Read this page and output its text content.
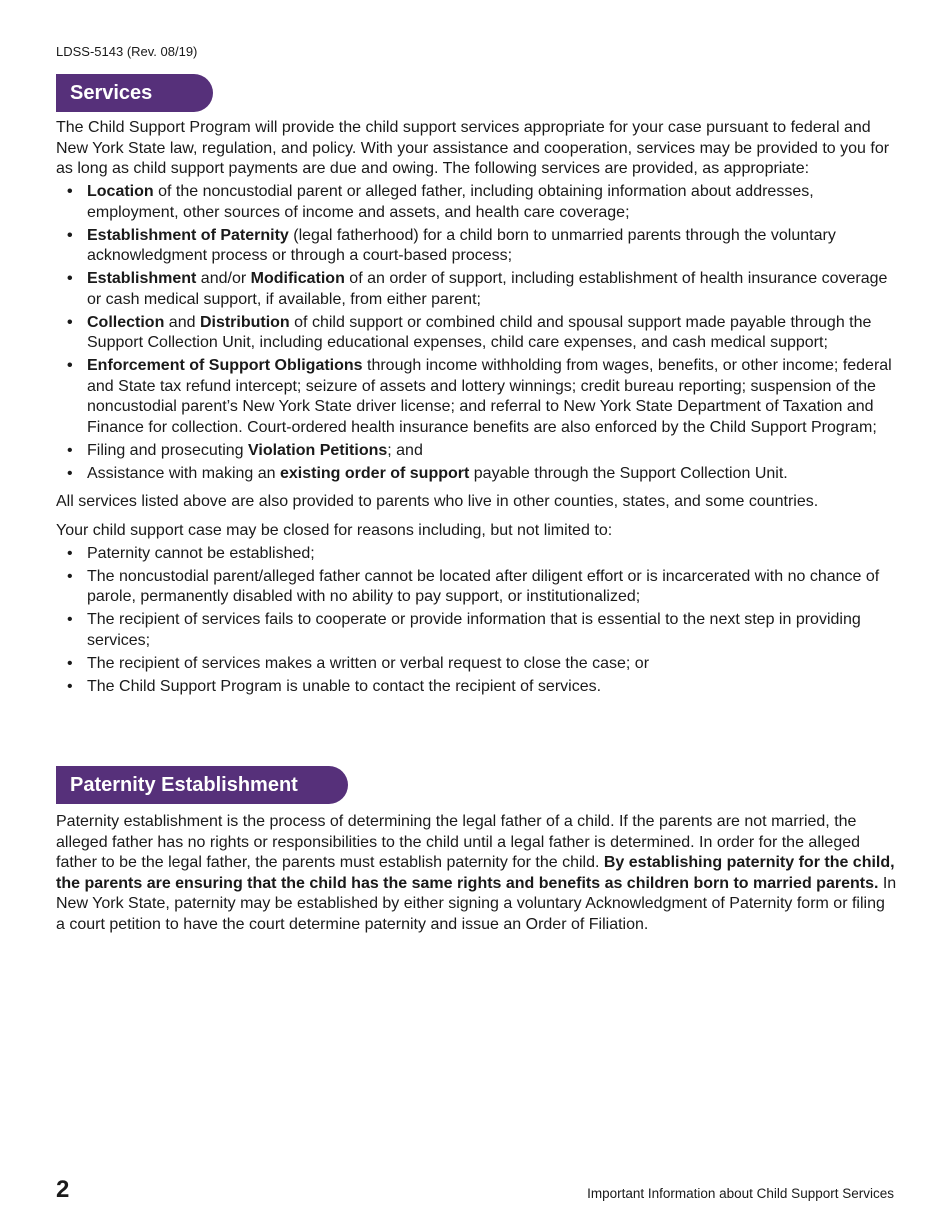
LDSS-5143 (Rev. 08/19)
Services

The Child Support Program will provide the child support services appropriate for your case pursuant to federal and New York State law, regulation, and policy. With your assistance and cooperation, services may be provided to you for as long as child support payments are due and owing. The following services are provided, as appropriate:

• Location of the noncustodial parent or alleged father, including obtaining information about addresses, employment, other sources of income and assets, and health care coverage;
• Establishment of Paternity (legal fatherhood) for a child born to unmarried parents through the voluntary acknowledgment process or through a court-based process;
• Establishment and/or Modification of an order of support, including establishment of health insurance coverage or cash medical support, if available, from either parent;
• Collection and Distribution of child support or combined child and spousal support made payable through the Support Collection Unit, including educational expenses, child care expenses, and cash medical support;
• Enforcement of Support Obligations through income withholding from wages, benefits, or other income; federal and State tax refund intercept; seizure of assets and lottery winnings; credit bureau reporting; suspension of the noncustodial parent’s New York State driver license; and referral to New York State Department of Taxation and Finance for collection. Court-ordered health insurance benefits are also enforced by the Child Support Program;
• Filing and prosecuting Violation Petitions; and
• Assistance with making an existing order of support payable through the Support Collection Unit.

All services listed above are also provided to parents who live in other counties, states, and some countries.

Your child support case may be closed for reasons including, but not limited to:

• Paternity cannot be established;
• The noncustodial parent/alleged father cannot be located after diligent effort or is incarcerated with no chance of parole, permanently disabled with no ability to pay support, or institutionalized;
• The recipient of services fails to cooperate or provide information that is essential to the next step in providing services;
• The recipient of services makes a written or verbal request to close the case; or
• The Child Support Program is unable to contact the recipient of services.
Paternity Establishment

Paternity establishment is the process of determining the legal father of a child. If the parents are not married, the alleged father has no rights or responsibilities to the child until a legal father is determined. In order for the alleged father to be the legal father, the parents must establish paternity for the child. By establishing paternity for the child, the parents are ensuring that the child has the same rights and benefits as children born to married parents. In New York State, paternity may be established by either signing a voluntary Acknowledgment of Paternity form or filing a court petition to have the court determine paternity and issue an Order of Filiation.

2	Important Information about Child Support Services
